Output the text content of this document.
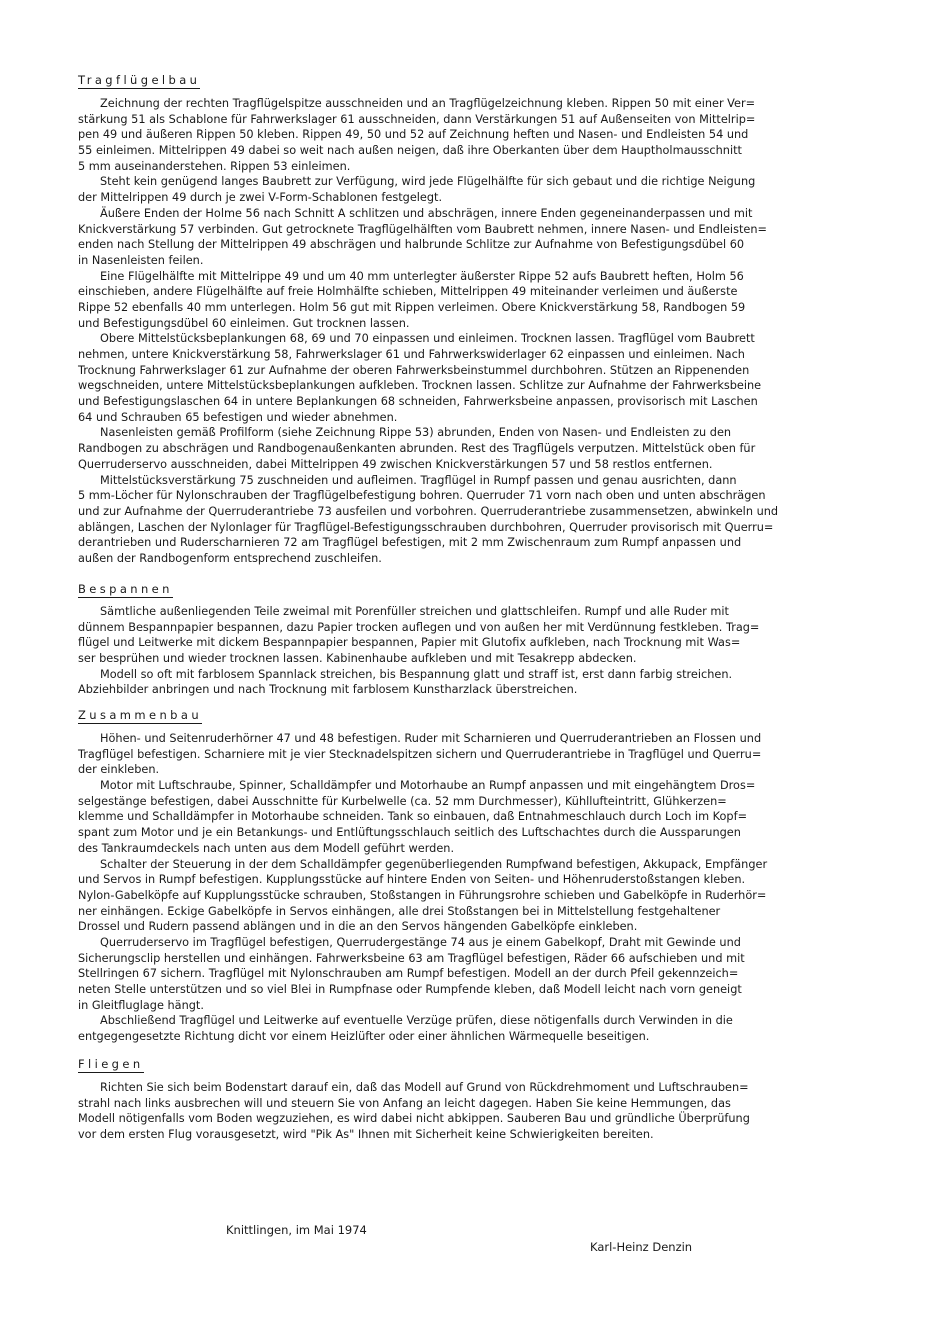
Tragflügelbau
Zeichnung der rechten Tragflügelspitze ausschneiden und an Tragflügelzeichnung kleben. Rippen 50 mit einer Ver=
stärkung 51 als Schablone für Fahrwerkslager 61 ausschneiden, dann Verstärkungen 51 auf Außenseiten von Mittelrip=
pen 49 und äußeren Rippen 50 kleben. Rippen 49, 50 und 52 auf Zeichnung heften und Nasen- und Endleisten 54 und
55 einleimen. Mittelrippen 49 dabei so weit nach außen neigen, daß ihre Oberkanten über dem Hauptholmausschnitt
5 mm auseinanderstehen. Rippen 53 einleimen.
Steht kein genügend langes Baubrett zur Verfügung, wird jede Flügelhälfte für sich gebaut und die richtige Neigung
der Mittelrippen 49 durch je zwei V-Form-Schablonen festgelegt.
Äußere Enden der Holme 56 nach Schnitt A schlitzen und abschrägen, innere Enden gegeneinanderpassen und mit
Knickverstärkung 57 verbinden. Gut getrocknete Tragflügelhälften vom Baubrett nehmen, innere Nasen- und Endleisten=
enden nach Stellung der Mittelrippen 49 abschrägen und halbrunde Schlitze zur Aufnahme von Befestigungsdübel 60
in Nasenleisten feilen.
Eine Flügelhälfte mit Mittelrippe 49 und um 40 mm unterlegter äußerster Rippe 52 aufs Baubrett heften, Holm 56
einschieben, andere Flügelhälfte auf freie Holmhälfte schieben, Mittelrippen 49 miteinander verleimen und äußerste
Rippe 52 ebenfalls 40 mm unterlegen. Holm 56 gut mit Rippen verleimen. Obere Knickverstärkung 58, Randbogen 59
und Befestigungsdübel 60 einleimen. Gut trocknen lassen.
Obere Mittelstücksbeplankungen 68, 69 und 70 einpassen und einleimen. Trocknen lassen. Tragflügel vom Baubrett
nehmen, untere Knickverstärkung 58, Fahrwerkslager 61 und Fahrwerkswiderlager 62 einpassen und einleimen. Nach
Trocknung Fahrwerkslager 61 zur Aufnahme der oberen Fahrwerksbeinstummel durchbohren. Stützen an Rippenenden
wegschneiden, untere Mittelstücksbeplankungen aufkleben. Trocknen lassen. Schlitze zur Aufnahme der Fahrwerksbeine
und Befestigungslaschen 64 in untere Beplankungen 68 schneiden, Fahrwerksbeine anpassen, provisorisch mit Laschen
64 und Schrauben 65 befestigen und wieder abnehmen.
Nasenleisten gemäß Profilform (siehe Zeichnung Rippe 53) abrunden, Enden von Nasen- und Endleisten zu den
Randbogen zu abschrägen und Randbogenaußenkanten abrunden. Rest des Tragflügels verputzen. Mittelstück oben für
Querruderservo ausschneiden, dabei Mittelrippen 49 zwischen Knickverstärkungen 57 und 58 restlos entfernen.
Mittelstücksverstärkung 75 zuschneiden und aufleimen. Tragflügel in Rumpf passen und genau ausrichten, dann
5 mm-Löcher für Nylonschrauben der Tragflügelbefestigung bohren. Querruder 71 vorn nach oben und unten abschrägen
und zur Aufnahme der Querruderantriebe 73 ausfeilen und vorbohren. Querruderantriebe zusammensetzen, abwinkeln und
ablängen, Laschen der Nylonlager für Tragflügel-Befestigungsschrauben durchbohren, Querruder provisorisch mit Querru=
derantrieben und Ruderscharnieren 72 am Tragflügel befestigen, mit 2 mm Zwischenraum zum Rumpf anpassen und
außen der Randbogenform entsprechend zuschleifen.
Bespannen
Sämtliche außenliegenden Teile zweimal mit Porenfüller streichen und glattschleifen. Rumpf und alle Ruder mit
dünnem Bespannpapier bespannen, dazu Papier trocken auflegen und von außen her mit Verdünnung festkleben. Trag=
flügel und Leitwerke mit dickem Bespannpapier bespannen, Papier mit Glutofix aufkleben, nach Trocknung mit Was=
ser besprühen und wieder trocknen lassen. Kabinenhaube aufkleben und mit Tesakrepp abdecken.
Modell so oft mit farblosem Spannlack streichen, bis Bespannung glatt und straff ist, erst dann farbig streichen.
Abziehbilder anbringen und nach Trocknung mit farblosem Kunstharzlack überstreichen.
Zusammenbau
Höhen- und Seitenruderhörner 47 und 48 befestigen. Ruder mit Scharnieren und Querruderantrieben an Flossen und
Tragflügel befestigen. Scharniere mit je vier Stecknadelspitzen sichern und Querruderantriebe in Tragflügel und Querru=
der einkleben.
Motor mit Luftschraube, Spinner, Schalldämpfer und Motorhaube an Rumpf anpassen und mit eingehängtem Dros=
selgestänge befestigen, dabei Ausschnitte für Kurbelwelle (ca. 52 mm Durchmesser), Kühllufteintritt, Glühkerzen=
klemme und Schalldämpfer in Motorhaube schneiden. Tank so einbauen, daß Entnahmeschlauch durch Loch im Kopf=
spant zum Motor und je ein Betankungs- und Entlüftungsschlauch seitlich des Luftschachtes durch die Aussparungen
des Tankraumdeckels nach unten aus dem Modell geführt werden.
Schalter der Steuerung in der dem Schalldämpfer gegenüberliegenden Rumpfwand befestigen, Akkupack, Empfänger
und Servos in Rumpf befestigen. Kupplungsstücke auf hintere Enden von Seiten- und Höhenruderstoßstangen kleben.
Nylon-Gabelköpfe auf Kupplungsstücke schrauben, Stoßstangen in Führungsrohre schieben und Gabelköpfe in Ruderhör=
ner einhängen. Eckige Gabelköpfe in Servos einhängen, alle drei Stoßstangen bei in Mittelstellung festgehaltener
Drossel und Rudern passend ablängen und in die an den Servos hängenden Gabelköpfe einkleben.
Querruderservo im Tragflügel befestigen, Querrudergestänge 74 aus je einem Gabelkopf, Draht mit Gewinde und
Sicherungsclip herstellen und einhängen. Fahrwerksbeine 63 am Tragflügel befestigen, Räder 66 aufschieben und mit
Stellringen 67 sichern. Tragflügel mit Nylonschrauben am Rumpf befestigen. Modell an der durch Pfeil gekennzeich=
neten Stelle unterstützen und so viel Blei in Rumpfnase oder Rumpfende kleben, daß Modell leicht nach vorn geneigt
in Gleitfluglage hängt.
Abschließend Tragflügel und Leitwerke auf eventuelle Verzüge prüfen, diese nötigenfalls durch Verwinden in die
entgegengesetzte Richtung dicht vor einem Heizlüfter oder einer ähnlichen Wärmequelle beseitigen.
Fliegen
Richten Sie sich beim Bodenstart darauf ein, daß das Modell auf Grund von Rückdrehmoment und Luftschrauben=
strahl nach links ausbrechen will und steuern Sie von Anfang an leicht dagegen. Haben Sie keine Hemmungen, das
Modell nötigenfalls vom Boden wegzuziehen, es wird dabei nicht abkippen. Sauberen Bau und gründliche Überprüfung
vor dem ersten Flug vorausgesetzt, wird "Pik As" Ihnen mit Sicherheit keine Schwierigkeiten bereiten.
Knittlingen, im Mai 1974
Karl-Heinz Denzin
